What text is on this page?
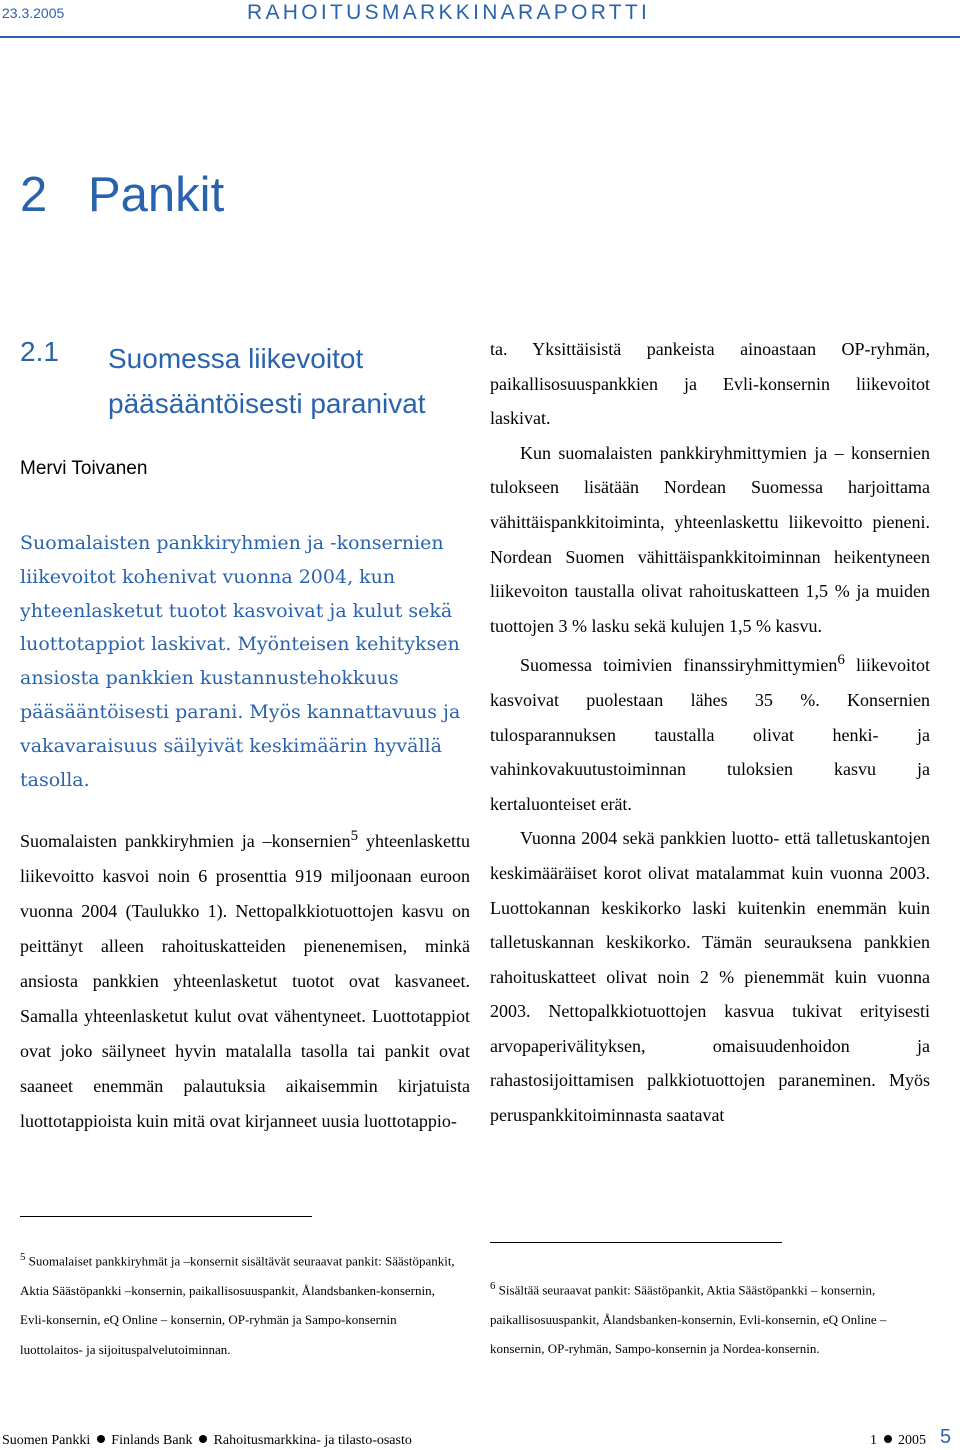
23.3.2005	RAHOITUSMARKKINARAPORTTI
2 Pankit
2.1 Suomessa liikevoitot pääsääntöisesti paranivat
Mervi Toivanen
Suomalaisten pankkiryhmien ja -konsernien liikevoitot kohenivat vuonna 2004, kun yhteenlasketut tuotot kasvoivat ja kulut sekä luottotappiot laskivat. Myönteisen kehityksen ansiosta pankkien kustannustehokkuus pääsääntöisesti parani. Myös kannattavuus ja vakavaraisuus säilyivät keskimäärin hyvällä tasolla.

Suomalaisten pankkiryhmien ja –konsernien$^5$ yhteenlaskettu liikevoitto kasvoi noin 6 prosenttia 919 miljoonaan euroon vuonna 2004 (Taulukko 1). Nettopalkkiotuottojen kasvu on peittänyt alleen rahoituskatteiden pienenemisen, minkä ansiosta pankkien yhteenlasketut tuotot ovat kasvaneet. Samalla yhteenlasketut kulut ovat vähentyneet. Luottotappiot ovat joko säilyneet hyvin matalalla tasolla tai pankit ovat saaneet enemmän palautuksia aikaisemmin kirjatuista luottotappioista kuin mitä ovat kirjanneet uusia luottotappio-

ta. Yksittäisistä pankeista ainoastaan OP-ryhmän, paikallisosuuspankkien ja Evli-konsernin liikevoitot laskivat.

Kun suomalaisten pankkiryhmittymien ja – konsernien tulokseen lisätään Nordean Suomessa harjoittama vähittäispankkitoiminta, yhteenlaskettu liikevoitto pieneni. Nordean Suomen vähittäispankkitoiminnan heikentyneen liikevoiton taustalla olivat rahoituskatteen 1,5 % ja muiden tuottojen 3 % lasku sekä kulujen 1,5 % kasvu.

Suomessa toimivien finanssiryhmittymien$^6$ liikevoitot kasvoivat puolestaan lähes 35 %. Konsernien tulosparannuksen taustalla olivat henki- ja vahinkovakuutustoiminnan tuloksien kasvu ja kertaluonteiset erät.

Vuonna 2004 sekä pankkien luotto- että talletuskantojen keskimääräiset korot olivat matalammat kuin vuonna 2003. Luottokannan keskikorko laski kuitenkin enemmän kuin talletuskannan keskikorko. Tämän seurauksena pankkien rahoituskatteet olivat noin 2 % pienemmät kuin vuonna 2003. Nettopalkkiotuottojen kasvua tukivat erityisesti arvopaperivälityksen, omaisuudenhoidon ja rahastosijoittamisen palkkiotuottojen paraneminen. Myös peruspankkitoiminnasta saatavat

$^5$ Suomalaiset pankkiryhmät ja –konsernit sisältävät seuraavat pankit: Säästöpankit, Aktia Säästöpankki –konsernin, paikallisosuuspankit, Ålandsbanken-konsernin, Evli-konsernin, eQ Online – konsernin, OP-ryhmän ja Sampo-konsernin luottolaitos- ja sijoituspalvelutoiminnan.
$^6$ Sisältää seuraavat pankit: Säästöpankit, Aktia Säästöpankki – konsernin, paikallisosuuspankit, Ålandsbanken-konsernin, Evli-konsernin, eQ Online –konsernin, OP-ryhmän, Sampo-konsernin ja Nordea-konsernin.
Suomen Pankki Finlands Bank Rahoitusmarkkina- ja tilasto-osasto	1 2005 5
